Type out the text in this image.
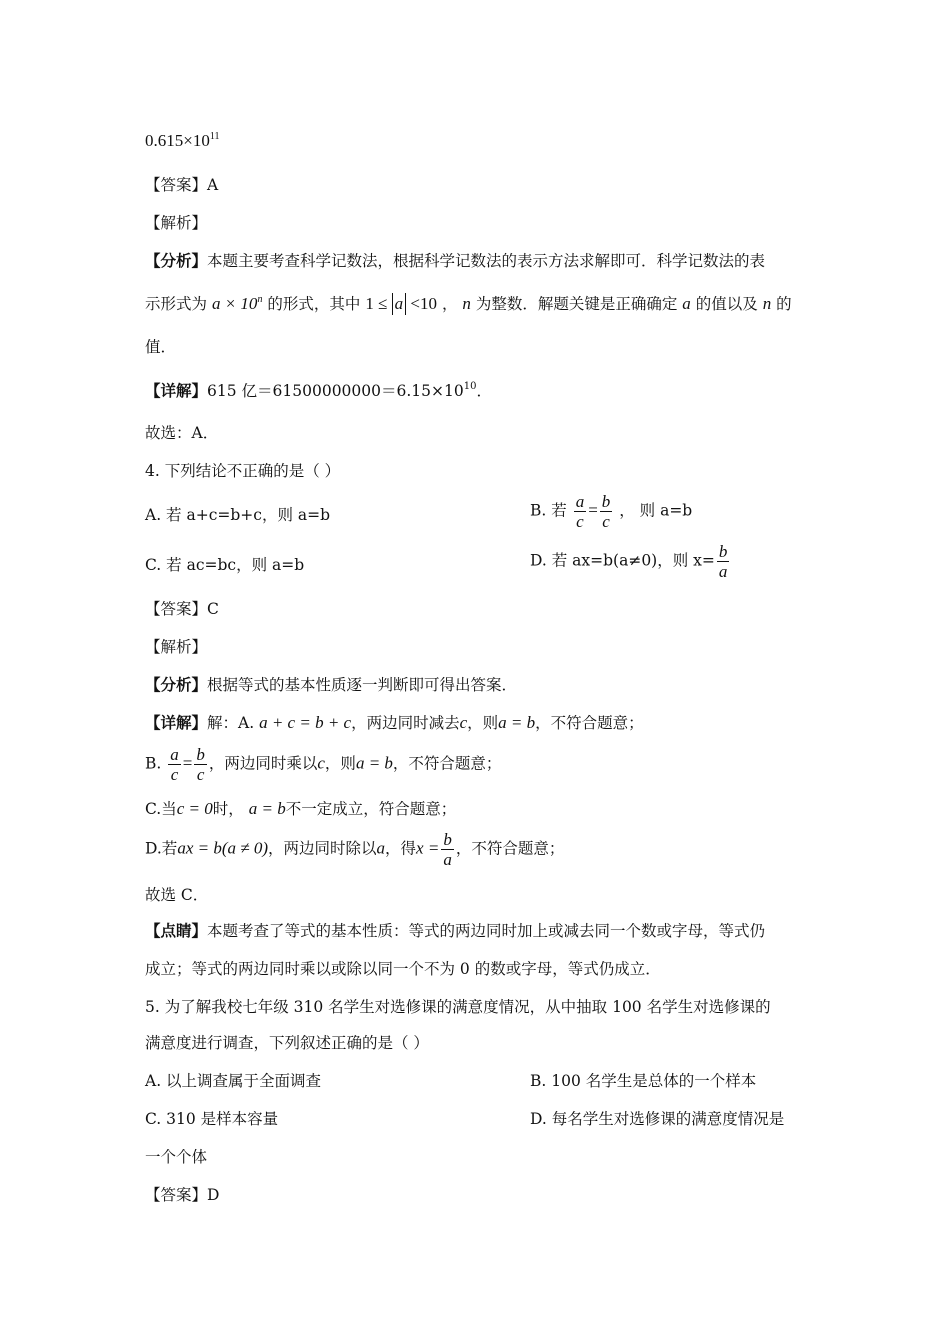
$0.615\times 10^{11}$
【答案】A
【解析】
【分析】本题主要考查科学记数法，根据科学记数法的表示方法求解即可．科学记数法的表
示形式为 $a \times 10^n$ 的形式，其中 1 ≤ a <10 ， n 为整数．解题关键是正确确定 a 的值以及 n 的
值．
【详解】615 亿$=61500000000=6.15\times 10^{10}$．
故选：A．
4. 下列结论不正确的是（ ）
A. 若 a+c=b+c，则 a=b	B. 若 $\frac{a}{c} = \frac{b}{c}$ ， 则 a=b
C. 若 ac=bc，则 a=b	D. 若 ax=b(a≠0)，则 $x= \frac{b}{a}$
【答案】C
【解析】
【分析】根据等式的基本性质逐一判断即可得出答案．
【详解】解：A. a + c = b + c，两边同时减去c，则a = b，不符合题意；
B. $\frac{a}{c} = \frac{b}{c}$ ，两边同时乘以c，则a = b，不符合题意；
C.当c = 0时， a = b不一定成立，符合题意；
D.若ax = b(a ≠ 0)，两边同时除以a，得$x = \frac{b}{a}$ ，不符合题意；
故选 C．
【点睛】本题考查了等式的基本性质：等式的两边同时加上或减去同一个数或字母，等式仍
成立；等式的两边同时乘以或除以同一个不为 0 的数或字母，等式仍成立．
5. 为了解我校七年级 310 名学生对选修课的满意度情况，从中抽取 100 名学生对选修课的
满意度进行调查，下列叙述正确的是（ ）
A. 以上调查属于全面调查	B. 100 名学生是总体的一个样本
C. 310 是样本容量	D. 每名学生对选修课的满意度情况是
一个个体
【答案】D
